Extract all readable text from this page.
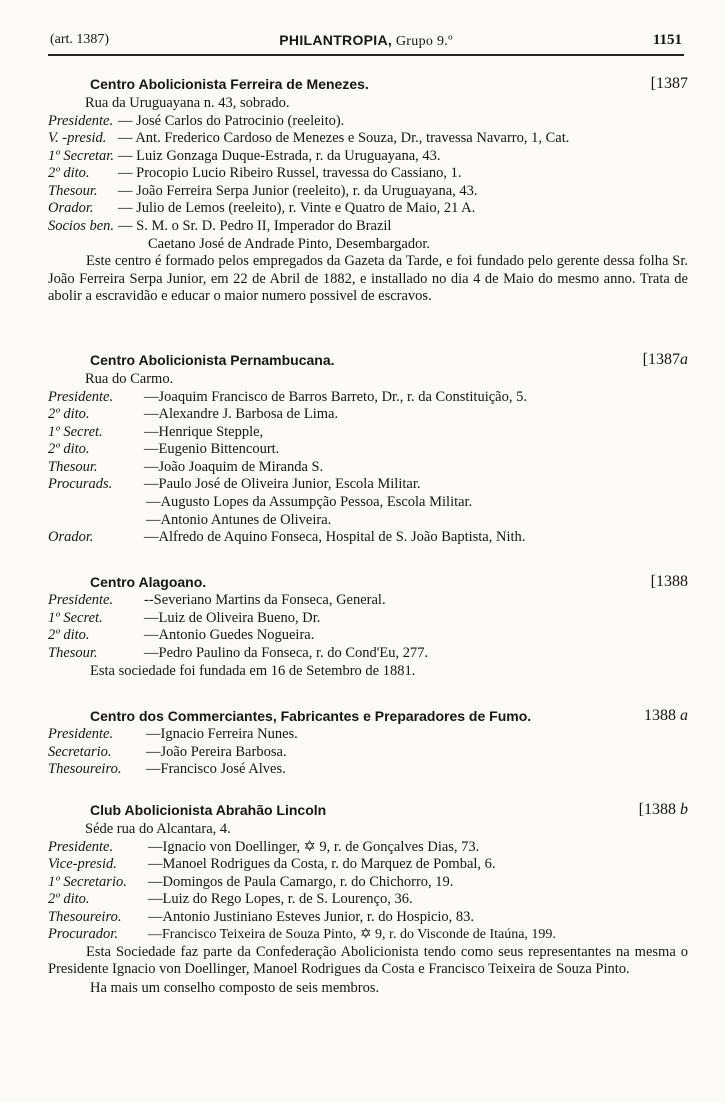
(art. 1387)	PHILANTROPIA, Grupo 9.º	1151
Centro Abolicionista Ferreira de Menezes.	[1387
Rua da Uruguayana n. 43, sobrado.
Presidente. — José Carlos do Patrocinio (reeleito).
V. -presid. — Ant. Frederico Cardoso de Menezes e Souza, Dr., travessa Navarro, 1, Cat.
1º Secretar. — Luiz Gonzaga Duque-Estrada, r. da Uruguayana, 43.
2º dito. — Procopio Lucio Ribeiro Russel, travessa do Cassiano, 1.
Thesour. — João Ferreira Serpa Junior (reeleito), r. da Uruguayana, 43.
Orador. — Julio de Lemos (reeleito), r. Vinte e Quatro de Maio, 21 A.
Socios ben. — S. M. o Sr. D. Pedro II, Imperador do Brazil
Caetano José de Andrade Pinto, Desembargador.
Este centro é formado pelos empregados da Gazeta da Tarde, e foi fundado pelo gerente dessa folha Sr. João Ferreira Serpa Junior, em 22 de Abril de 1882, e installado no dia 4 de Maio do mesmo anno. Trata de abolir a escravidão e educar o maior numero possivel de escravos.
Centro Abolicionista Pernambucana.	[1387a
Rua do Carmo.
Presidente. —Joaquim Francisco de Barros Barreto, Dr., r. da Constituição, 5.
2º dito.	—Alexandre J. Barbosa de Lima.
1º Secret.	—Henrique Stepple,
2º dito.	—Eugenio Bittencourt.
Thesour.	—João Joaquim de Miranda S.
Procurads. —Paulo José de Oliveira Junior, Escola Militar.
—Augusto Lopes da Assumpção Pessoa, Escola Militar.
—Antonio Antunes de Oliveira.
Orador.	—Alfredo de Aquino Fonseca, Hospital de S. João Baptista, Nith.
Centro Alagoano.	[1388
Presidente. --Severiano Martins da Fonseca, General.
1º Secret.	—Luiz de Oliveira Bueno, Dr.
2º dito.	—Antonio Guedes Nogueira.
Thesour.	—Pedro Paulino da Fonseca, r. do Cond'Eu, 277.
Esta sociedade foi fundada em 16 de Setembro de 1881.
Centro dos Commerciantes, Fabricantes e Preparadores de Fumo.	1388 a
Presidente. —Ignacio Ferreira Nunes.
Secretario. —João Pereira Barbosa.
Thesoureiro. —Francisco José Alves.
Club Abolicionista Abrahão Lincoln	[1388 b
Séde rua do Alcantara, 4.
Presidente. —Ignacio von Doellinger, ✡ 9, r. de Gonçalves Dias, 73.
Vice-presid. —Manoel Rodrigues da Costa, r. do Marquez de Pombal, 6.
1º Secretario. —Domingos de Paula Camargo, r. do Chichorro, 19.
2º dito.	—Luiz do Rego Lopes, r. de S. Lourenço, 36.
Thesoureiro. —Antonio Justiniano Esteves Junior, r. do Hospicio, 83.
Procurador. —Francisco Teixeira de Souza Pinto, ✡ 9, r. do Visconde de Itaúna, 199.
Esta Sociedade faz parte da Confederação Abolicionista tendo como seus representantes na mesma o Presidente Ignacio von Doellinger, Manoel Rodrigues da Costa e Francisco Teixeira de Souza Pinto.
Ha mais um conselho composto de seis membros.
